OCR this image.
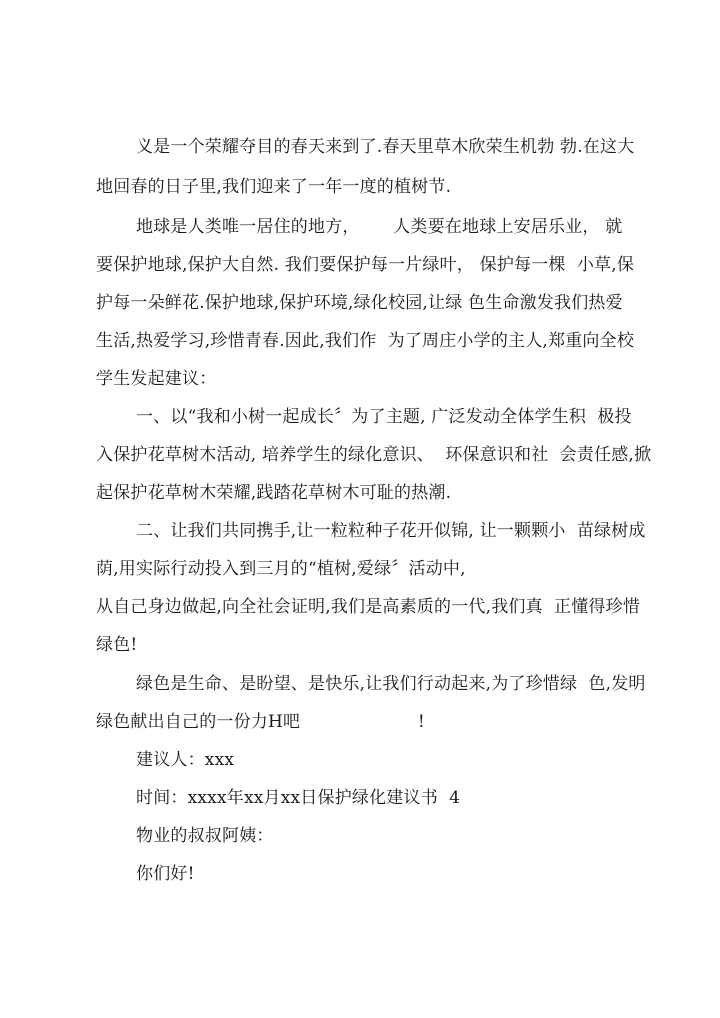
义是一个荣耀夺目的春天来到了.春天里草木欣荣生机勃 勃.在这大
地回春的日子里,我们迎来了一年一度的植树节.
地球是人类唯一居住的地方，      人类要在地球上安居乐业， 就
要保护地球,保护大自然. 我们要保护每一片绿叶， 保护每一棵  小草,保
护每一朵鲜花.保护地球,保护环境,绿化校园,让绿 色生命激发我们热爱
生活,热爱学习,珍惜青春.因此,我们作  为了周庄小学的主人,郑重向全校
学生发起建议：
一、以“我和小树一起成长〞为了主题, 广泛发动全体学生积  极投
入保护花草树木活动, 培养学生的绿化意识、  环保意识和社  会责任感,掀
起保护花草树木荣耀,践踏花草树木可耻的热潮.
二、让我们共同携手,让一粒粒种子花开似锦, 让一颗颗小  苗绿树成
荫,用实际行动投入到三月的“植树,爱绿〞活动中,
从自己身边做起,向全社会证明,我们是高素质的一代,我们真  正懂得珍惜
绿色!
绿色是生命、是盼望、是快乐,让我们行动起来,为了珍惜绿  色,发明
绿色献出自己的一份力H吧                     !
建议人：xxx
时间：xxxx年xx月xx日保护绿化建议书  4
物业的叔叔阿姨：
你们好!
